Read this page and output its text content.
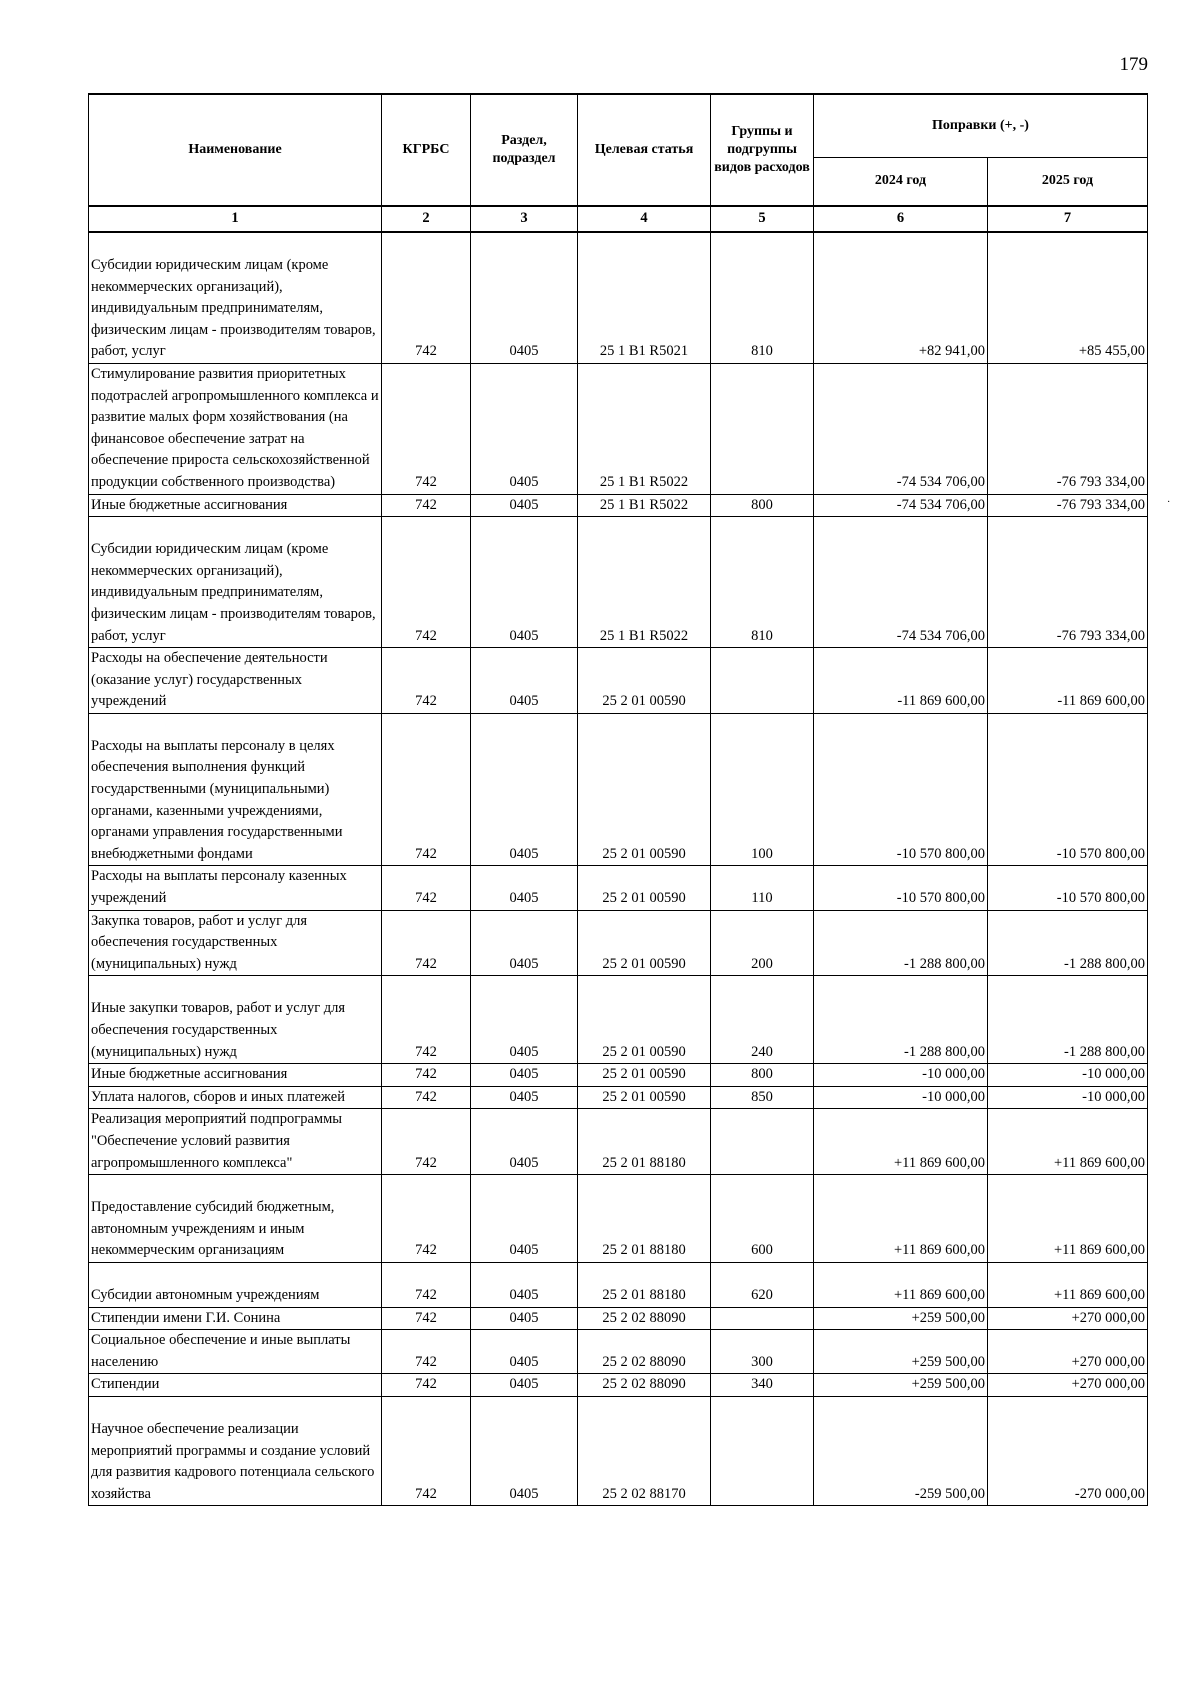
179
·
Наименование	КГРБС	Раздел, подраздел	Целевая статья	Группы и подгруппы видов расходов	Поправки (+, -)	
					2024 год	2025 год
1	2	3	4	5	6	7
Субсидии юридическим лицам (кроме некоммерческих организаций), индивидуальным предпринимателям, физическим лицам - производителям товаров, работ, услуг	742	0405	25 1 B1 R5021	810	+82 941,00	+85 455,00
Стимулирование развития приоритетных подотраслей агропромышленного комплекса и развитие малых форм хозяйствования (на финансовое обеспечение затрат на обеспечение прироста сельскохозяйственной продукции собственного производства)	742	0405	25 1 B1 R5022		-74 534 706,00	-76 793 334,00
Иные бюджетные ассигнования	742	0405	25 1 B1 R5022	800	-74 534 706,00	-76 793 334,00
Субсидии юридическим лицам (кроме некоммерческих организаций), индивидуальным предпринимателям, физическим лицам - производителям товаров, работ, услуг	742	0405	25 1 B1 R5022	810	-74 534 706,00	-76 793 334,00
Расходы на обеспечение деятельности (оказание услуг) государственных учреждений	742	0405	25 2 01 00590		-11 869 600,00	-11 869 600,00
Расходы на выплаты персоналу в целях обеспечения выполнения функций государственными (муниципальными) органами, казенными учреждениями, органами управления государственными внебюджетными фондами	742	0405	25 2 01 00590	100	-10 570 800,00	-10 570 800,00
Расходы на выплаты персоналу казенных учреждений	742	0405	25 2 01 00590	110	-10 570 800,00	-10 570 800,00
Закупка товаров, работ и услуг для обеспечения государственных (муниципальных) нужд	742	0405	25 2 01 00590	200	-1 288 800,00	-1 288 800,00
Иные закупки товаров, работ и услуг для обеспечения государственных (муниципальных) нужд	742	0405	25 2 01 00590	240	-1 288 800,00	-1 288 800,00
Иные бюджетные ассигнования	742	0405	25 2 01 00590	800	-10 000,00	-10 000,00
Уплата налогов, сборов и иных платежей	742	0405	25 2 01 00590	850	-10 000,00	-10 000,00
Реализация мероприятий подпрограммы "Обеспечение условий развития агропромышленного комплекса"	742	0405	25 2 01 88180		+11 869 600,00	+11 869 600,00
Предоставление субсидий бюджетным, автономным учреждениям и иным некоммерческим организациям	742	0405	25 2 01 88180	600	+11 869 600,00	+11 869 600,00
Субсидии автономным учреждениям	742	0405	25 2 01 88180	620	+11 869 600,00	+11 869 600,00
Стипендии имени Г.И. Сонина	742	0405	25 2 02 88090		+259 500,00	+270 000,00
Социальное обеспечение и иные выплаты населению	742	0405	25 2 02 88090	300	+259 500,00	+270 000,00
Стипендии	742	0405	25 2 02 88090	340	+259 500,00	+270 000,00
Научное обеспечение реализации мероприятий программы и создание условий для развития кадрового потенциала сельского хозяйства	742	0405	25 2 02 88170		-259 500,00	-270 000,00
